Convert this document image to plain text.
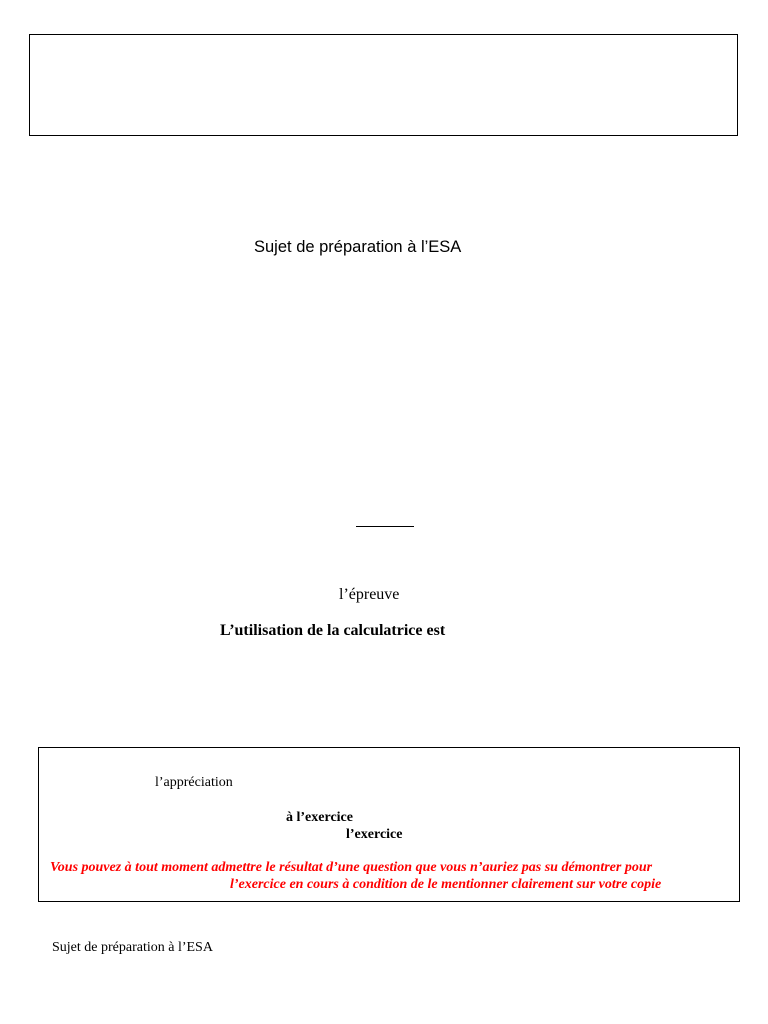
Sujet de préparation à l’ESA
l’épreuve
L’utilisation de la calculatrice est
l’appréciation
à l’exercice
l’exercice
Vous pouvez à tout moment admettre le résultat d’une question que vous n’auriez pas su démontrer pour
l’exercice en cours à condition de le mentionner clairement sur votre copie
Sujet de préparation à l’ESA
